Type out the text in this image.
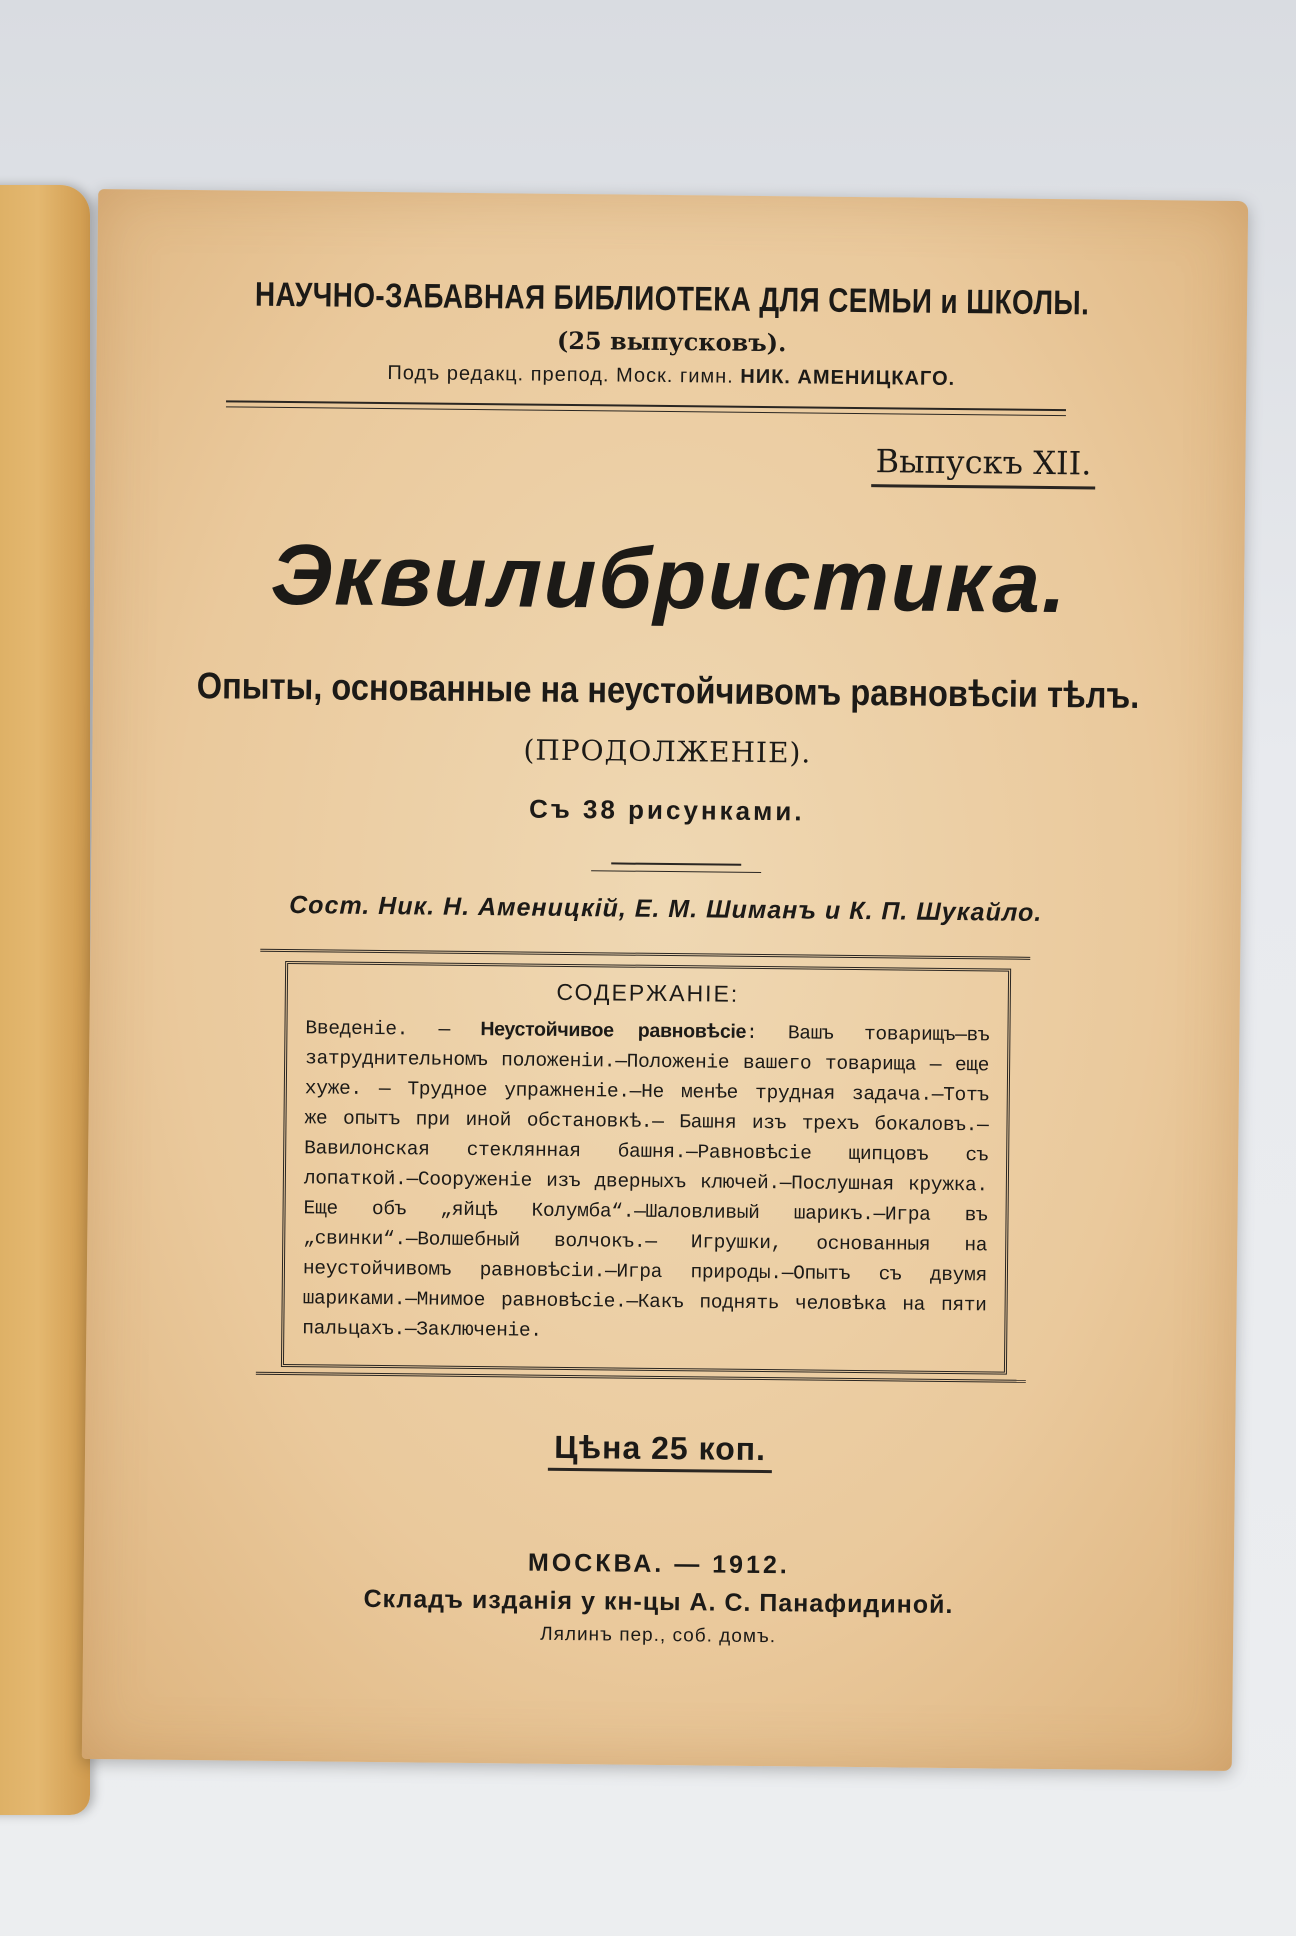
НАУЧНО-ЗАБАВНАЯ БИБЛИОТЕКА ДЛЯ СЕМЬИ и ШКОЛЫ.
(25 выпусковъ).
Подъ редакц. препод. Моск. гимн. НИК. АМЕНИЦКАГО.
Выпускъ XII.
Эквилибристика.
Опыты, основанные на неустойчивомъ равновѣсіи тѣлъ.
(ПРОДОЛЖЕНІЕ).
Съ 38 рисунками.
Сост. Ник. Н. Аменицкій, Е. М. Шиманъ и К. П. Шукайло.
СОДЕРЖАНІЕ:
Введеніе. — Неустойчивое равновѣсіе: Вашъ товарищъ—въ затруднительномъ положеніи.—Положеніе вашего товарища — еще хуже. — Трудное упражненіе.—Не менѣе трудная задача.—Тотъ же опытъ при иной обстановкѣ.— Башня изъ трехъ бокаловъ.—Вавилонская стеклянная башня.—Равновѣсіе щипцовъ съ лопаткой.—Сооруженіе изъ дверныхъ ключей.—Послушная кружка. Еще объ „яйцѣ Колумба“.—Шаловливый шарикъ.—Игра въ „свинки“.—Волшебный волчокъ.— Игрушки, основанныя на неустойчивомъ равновѣсіи.—Игра природы.—Опытъ съ двумя шариками.—Мнимое равновѣсіе.—Какъ поднять человѣка на пяти пальцахъ.—Заключеніе.
Цѣна 25 коп.
МОСКВА. — 1912.
Складъ изданія у кн-цы А. С. Панафидиной.
Лялинъ пер., соб. домъ.
